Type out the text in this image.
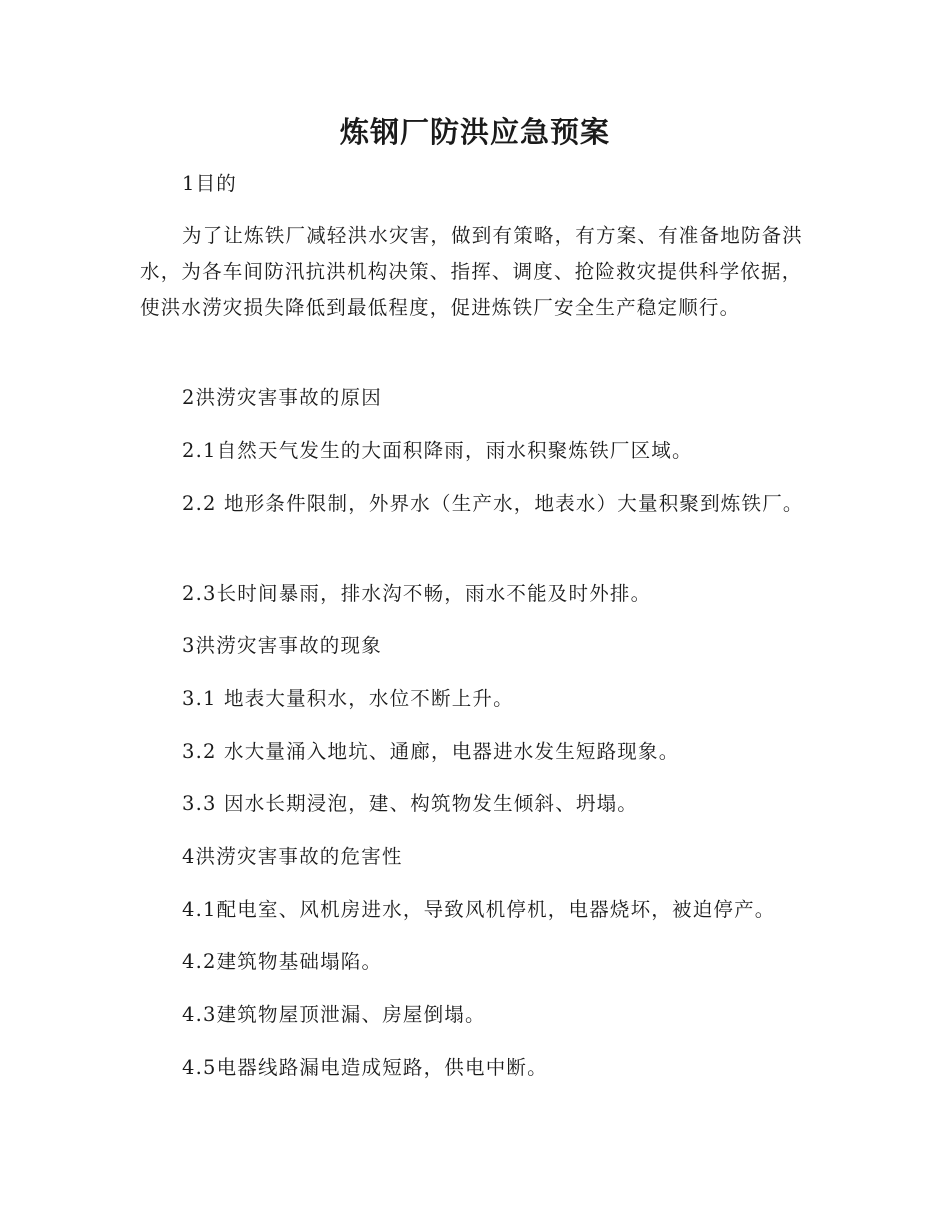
炼钢厂防洪应急预案

1目的

为了让炼铁厂减轻洪水灾害，做到有策略，有方案、有准备地防备洪水，为各车间防汛抗洪机构决策、指挥、调度、抢险救灾提供科学依据，使洪水涝灾损失降低到最低程度，促进炼铁厂安全生产稳定顺行。

2洪涝灾害事故的原因

2.1自然天气发生的大面积降雨，雨水积聚炼铁厂区域。

2.2 地形条件限制，外界水（生产水，地表水）大量积聚到炼铁厂。

2.3长时间暴雨，排水沟不畅，雨水不能及时外排。

3洪涝灾害事故的现象

3.1 地表大量积水，水位不断上升。

3.2 水大量涌入地坑、通廊，电器进水发生短路现象。

3.3 因水长期浸泡，建、构筑物发生倾斜、坍塌。

4洪涝灾害事故的危害性

4.1配电室、风机房进水，导致风机停机，电器烧坏，被迫停产。

4.2建筑物基础塌陷。

4.3建筑物屋顶泄漏、房屋倒塌。

4.5电器线路漏电造成短路，供电中断。
